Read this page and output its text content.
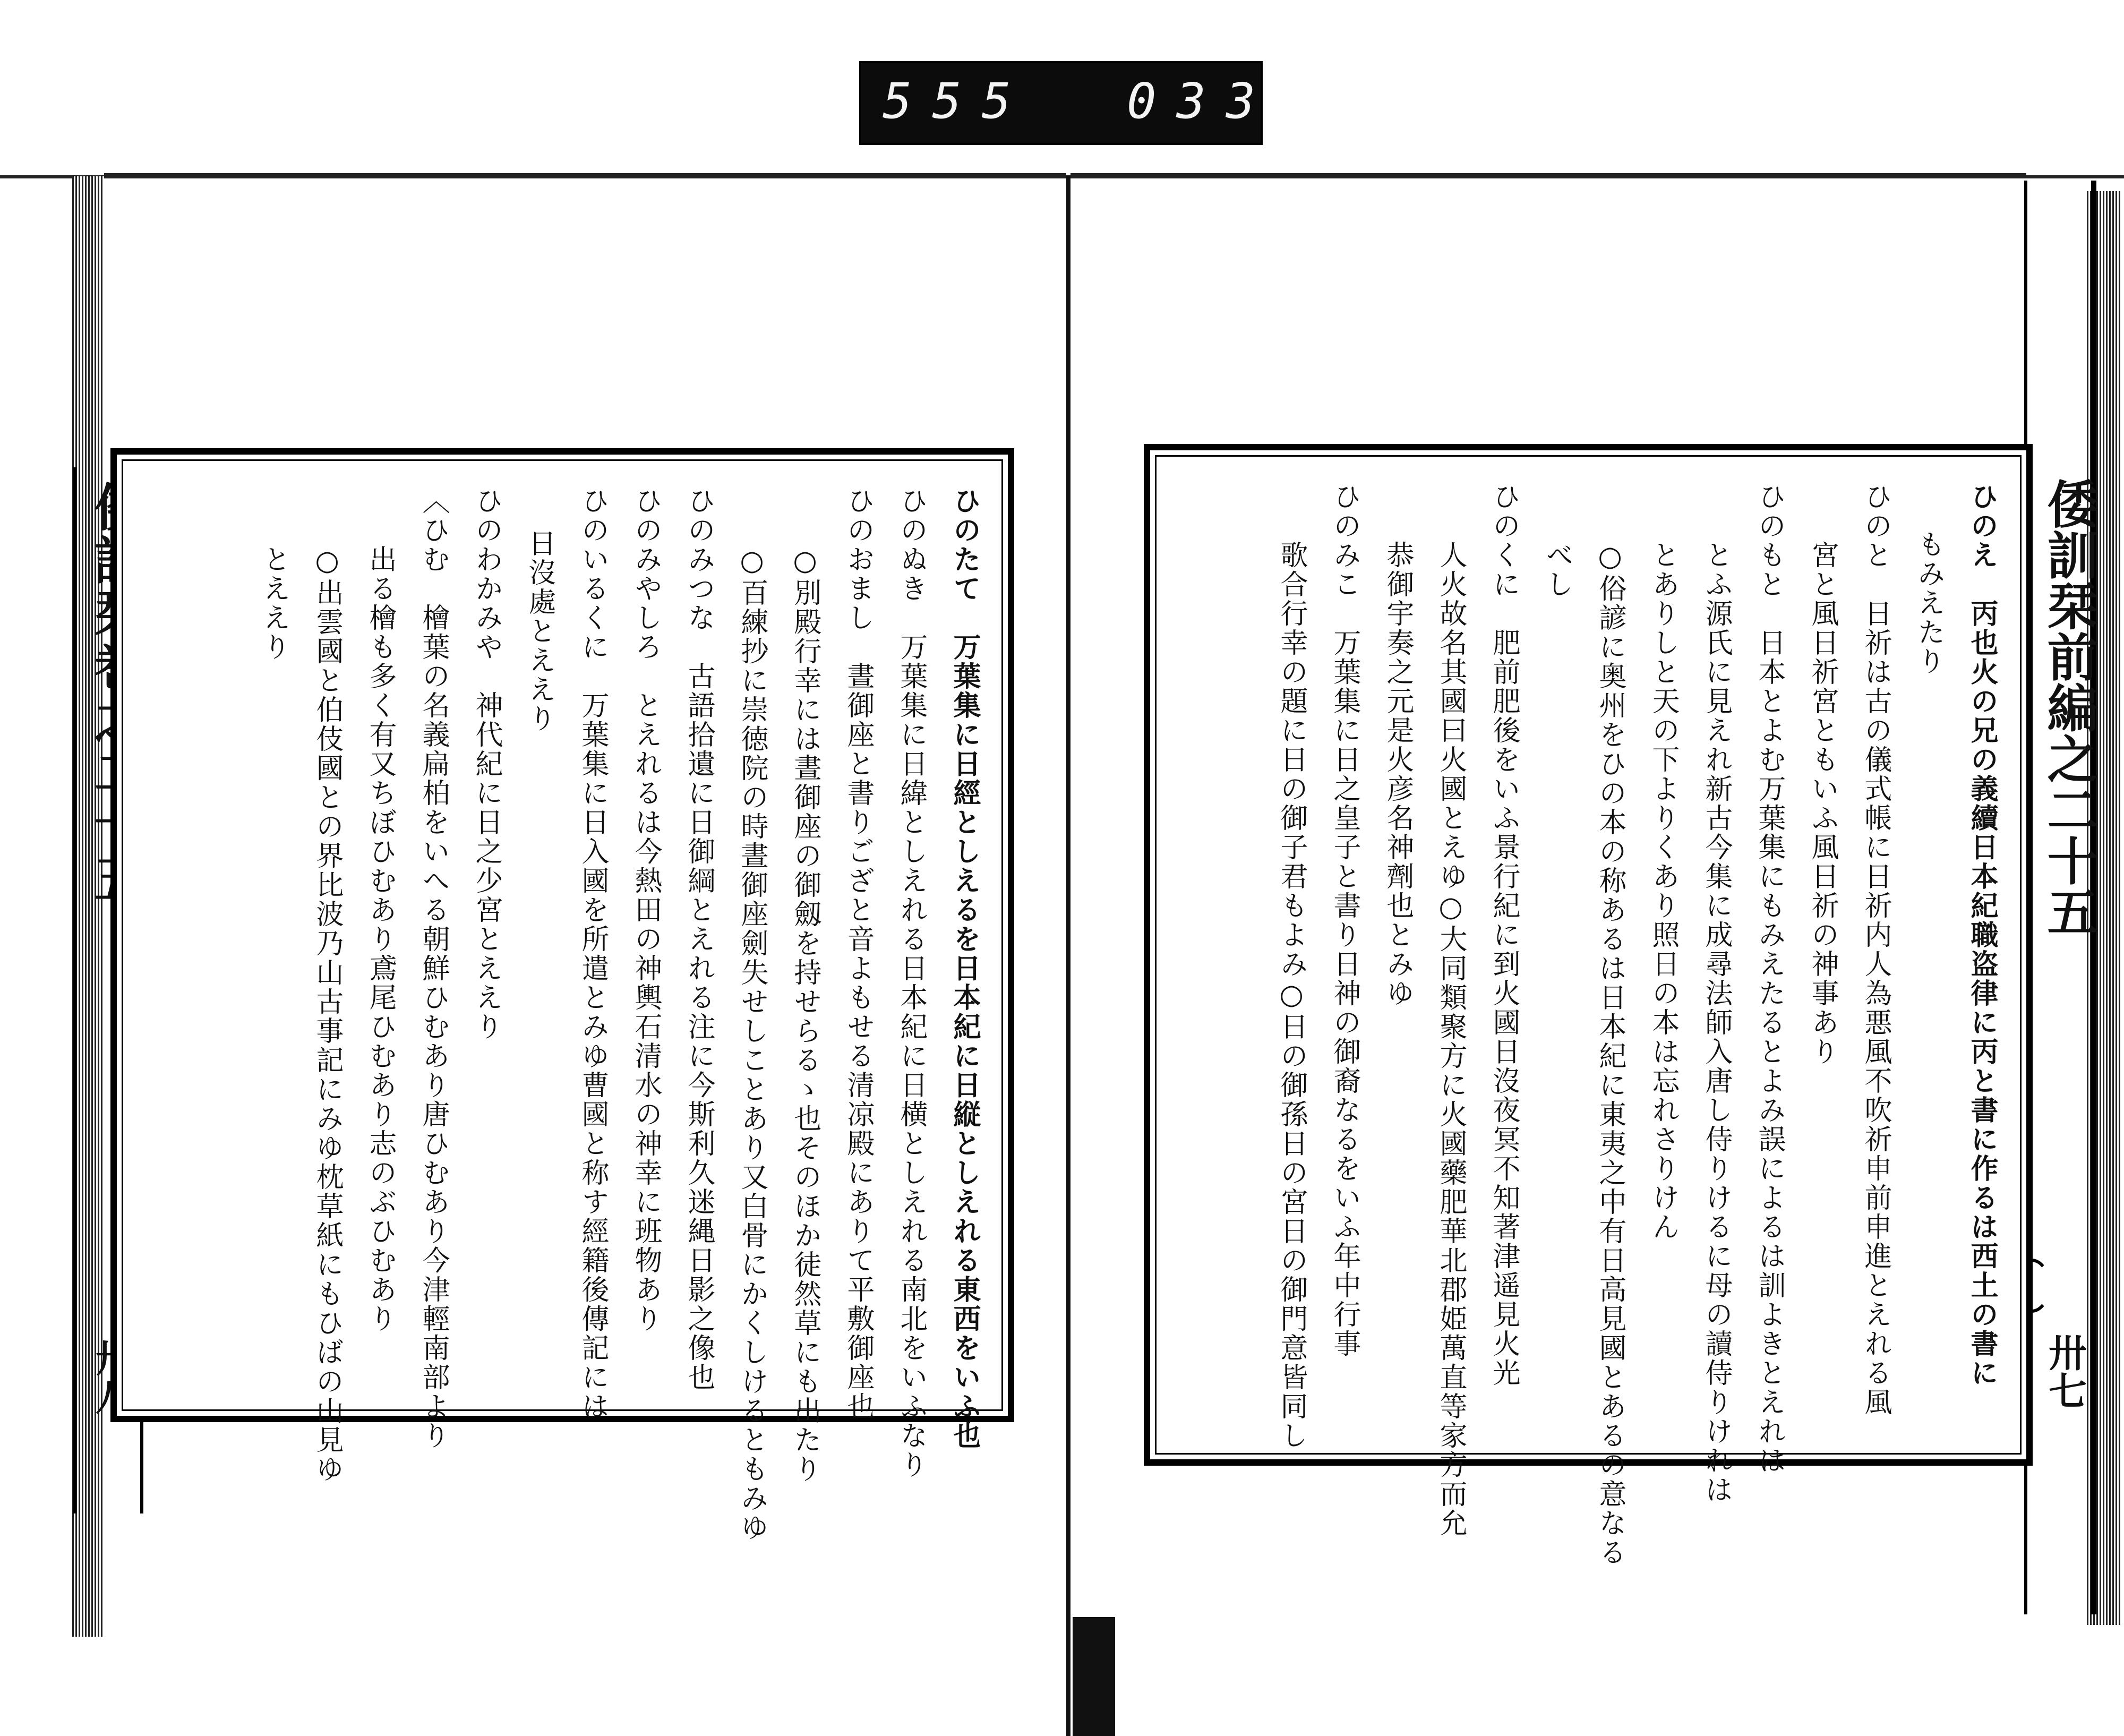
555 033
倭訓栞前編之二十五
卅七
ひのたて　万葉集に日經としえるを日本紀に日縦としえれる東西をいふ也
ひのぬき　万葉集に日緯としえれる日本紀に日横としえれる南北をいふなり
ひのおまし　晝御座と書りござと音よもせる清凉殿にありて平敷御座也
○別殿行幸には晝御座の御劔を持せらるゝ也そのほか徒然草にも出たり
○百練抄に崇徳院の時晝御座劍失せしことあり又白骨にかくしけるともみゆ
ひのみつな　古語拾遺に日御綱とえれる注に今斯利久迷縄日影之像也
ひのみやしろ　とえれるは今熱田の神輿石清水の神幸に班物あり
ひのいるくに　万葉集に日入國を所遣とみゆ曹國と称す經籍後傳記には
日沒處とええり
ひのわかみや　神代紀に日之少宮とええり
〈ひむ　檜葉の名義扁柏をいへる朝鮮ひむあり唐ひむあり今津輕南部より
出る檜も多く有又ちぼひむあり鳶尾ひむあり志のぶひむあり
○出雲國と伯伎國との界比波乃山古事記にみゆ枕草紙にもひばの山見ゆ
とええり	ひのえ　丙也火の兄の義續日本紀職盗律に丙と書に作るは西土の書に
もみえたり
ひのと　日祈は古の儀式帳に日祈内人為悪風不吹祈申前申進とえれる風
宮と風日祈宮ともいふ風日祈の神事あり
ひのもと　日本とよむ万葉集にもみえたるとよみ誤によるは訓よきとえれは
とふ源氏に見えれ新古今集に成尋法師入唐し侍りけるに母の讀侍りけれは
とありしと天の下よりくあり照日の本は忘れさりけん
○俗諺に奥州をひの本の称あるは日本紀に東夷之中有日高見國とあるの意なる
べし
ひのくに　肥前肥後をいふ景行紀に到火國日沒夜冥不知著津遥見火光
人火故名其國曰火國とえゆ○大同類聚方に火國藥肥華北郡姫萬直等家方而允
恭御宇奏之元是火彦名神劑也とみゆ
ひのみこ　万葉集に日之皇子と書り日神の御裔なるをいふ年中行事
歌合行幸の題に日の御子君もよみ○日の御孫日の宮日の御門意皆同し
